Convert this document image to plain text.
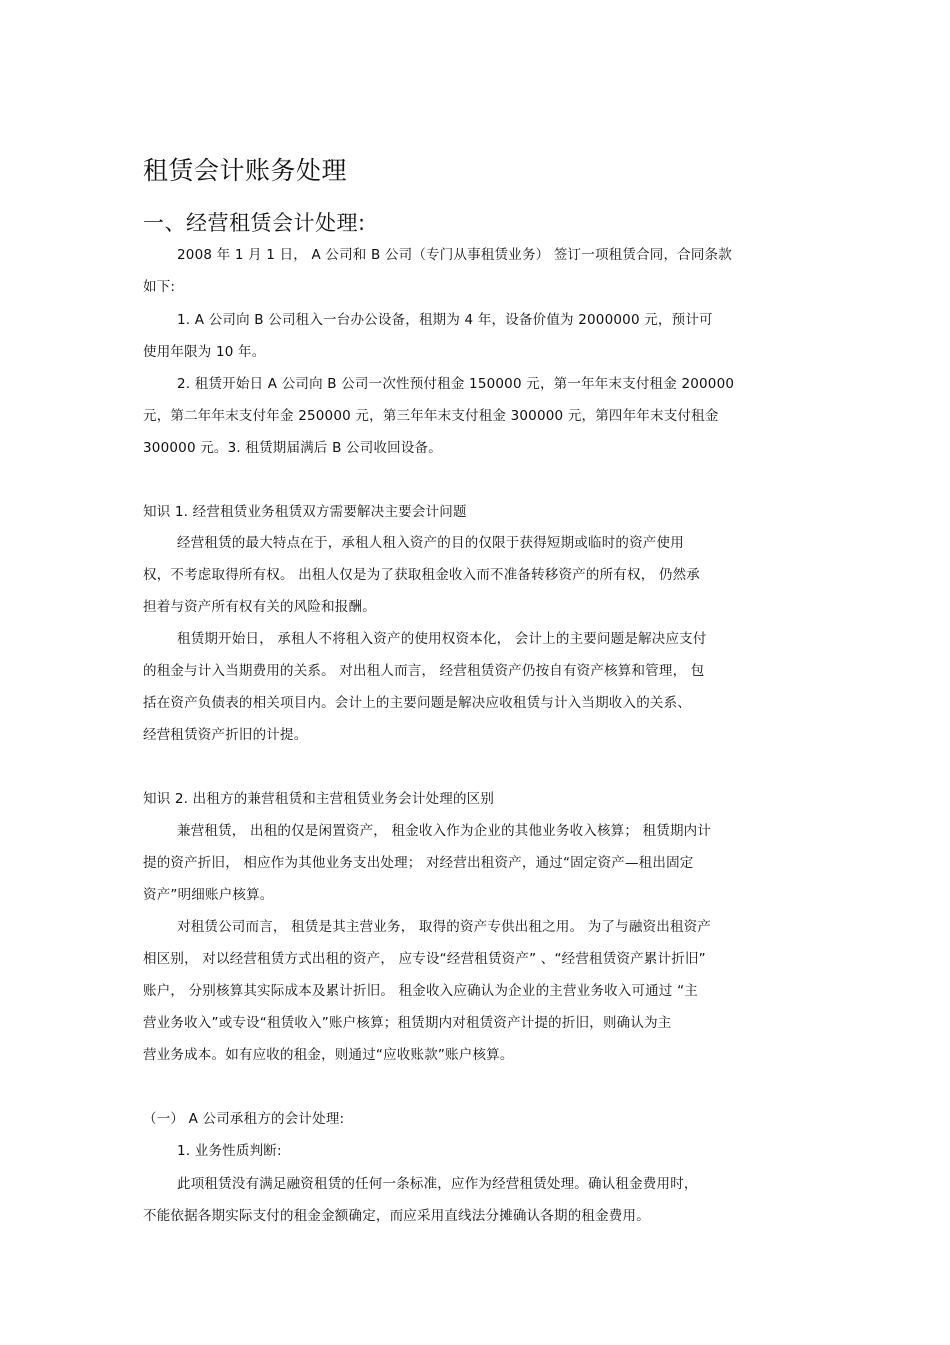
租赁会计账务处理
一、经营租赁会计处理:
2008 年 1 月 1 日， A 公司和 B 公司（专门从事租赁业务） 签订一项租赁合同，合同条款
如下:
1. A 公司向 B 公司租入一台办公设备，租期为 4 年，设备价值为 2000000 元，预计可
使用年限为 10 年。
2. 租赁开始日 A 公司向 B 公司一次性预付租金 150000 元，第一年年末支付租金 200000
元，第二年年末支付年金 250000 元，第三年年末支付租金 300000 元，第四年年末支付租金
300000 元。3. 租赁期届满后 B 公司收回设备。
知识 1. 经营租赁业务租赁双方需要解决主要会计问题
经营租赁的最大特点在于，承租人租入资产的目的仅限于获得短期或临时的资产使用
权，不考虑取得所有权。 出租人仅是为了获取租金收入而不准备转移资产的所有权， 仍然承
担着与资产所有权有关的风险和报酬。
租赁期开始日， 承租人不将租入资产的使用权资本化， 会计上的主要问题是解决应支付
的租金与计入当期费用的关系。 对出租人而言， 经营租赁资产仍按自有资产核算和管理， 包
括在资产负债表的相关项目内。会计上的主要问题是解决应收租赁与计入当期收入的关系、
经营租赁资产折旧的计提。
知识 2. 出租方的兼营租赁和主营租赁业务会计处理的区别
兼营租赁， 出租的仅是闲置资产， 租金收入作为企业的其他业务收入核算； 租赁期内计
提的资产折旧， 相应作为其他业务支出处理； 对经营出租资产，通过“固定资产—租出固定
资产”明细账户核算。
对租赁公司而言， 租赁是其主营业务， 取得的资产专供出租之用。 为了与融资出租资产
相区别， 对以经营租赁方式出租的资产， 应专设“经营租赁资产” 、“经营租赁资产累计折旧”
账户， 分别核算其实际成本及累计折旧。 租金收入应确认为企业的主营业务收入可通过 “主
营业务收入”或专设“租赁收入”账户核算；租赁期内对租赁资产计提的折旧，则确认为主
营业务成本。如有应收的租金，则通过“应收账款”账户核算。
（一） A 公司承租方的会计处理:
1. 业务性质判断:
此项租赁没有满足融资租赁的任何一条标准，应作为经营租赁处理。确认租金费用时，
不能依据各期实际支付的租金金额确定，而应采用直线法分摊确认各期的租金费用。
